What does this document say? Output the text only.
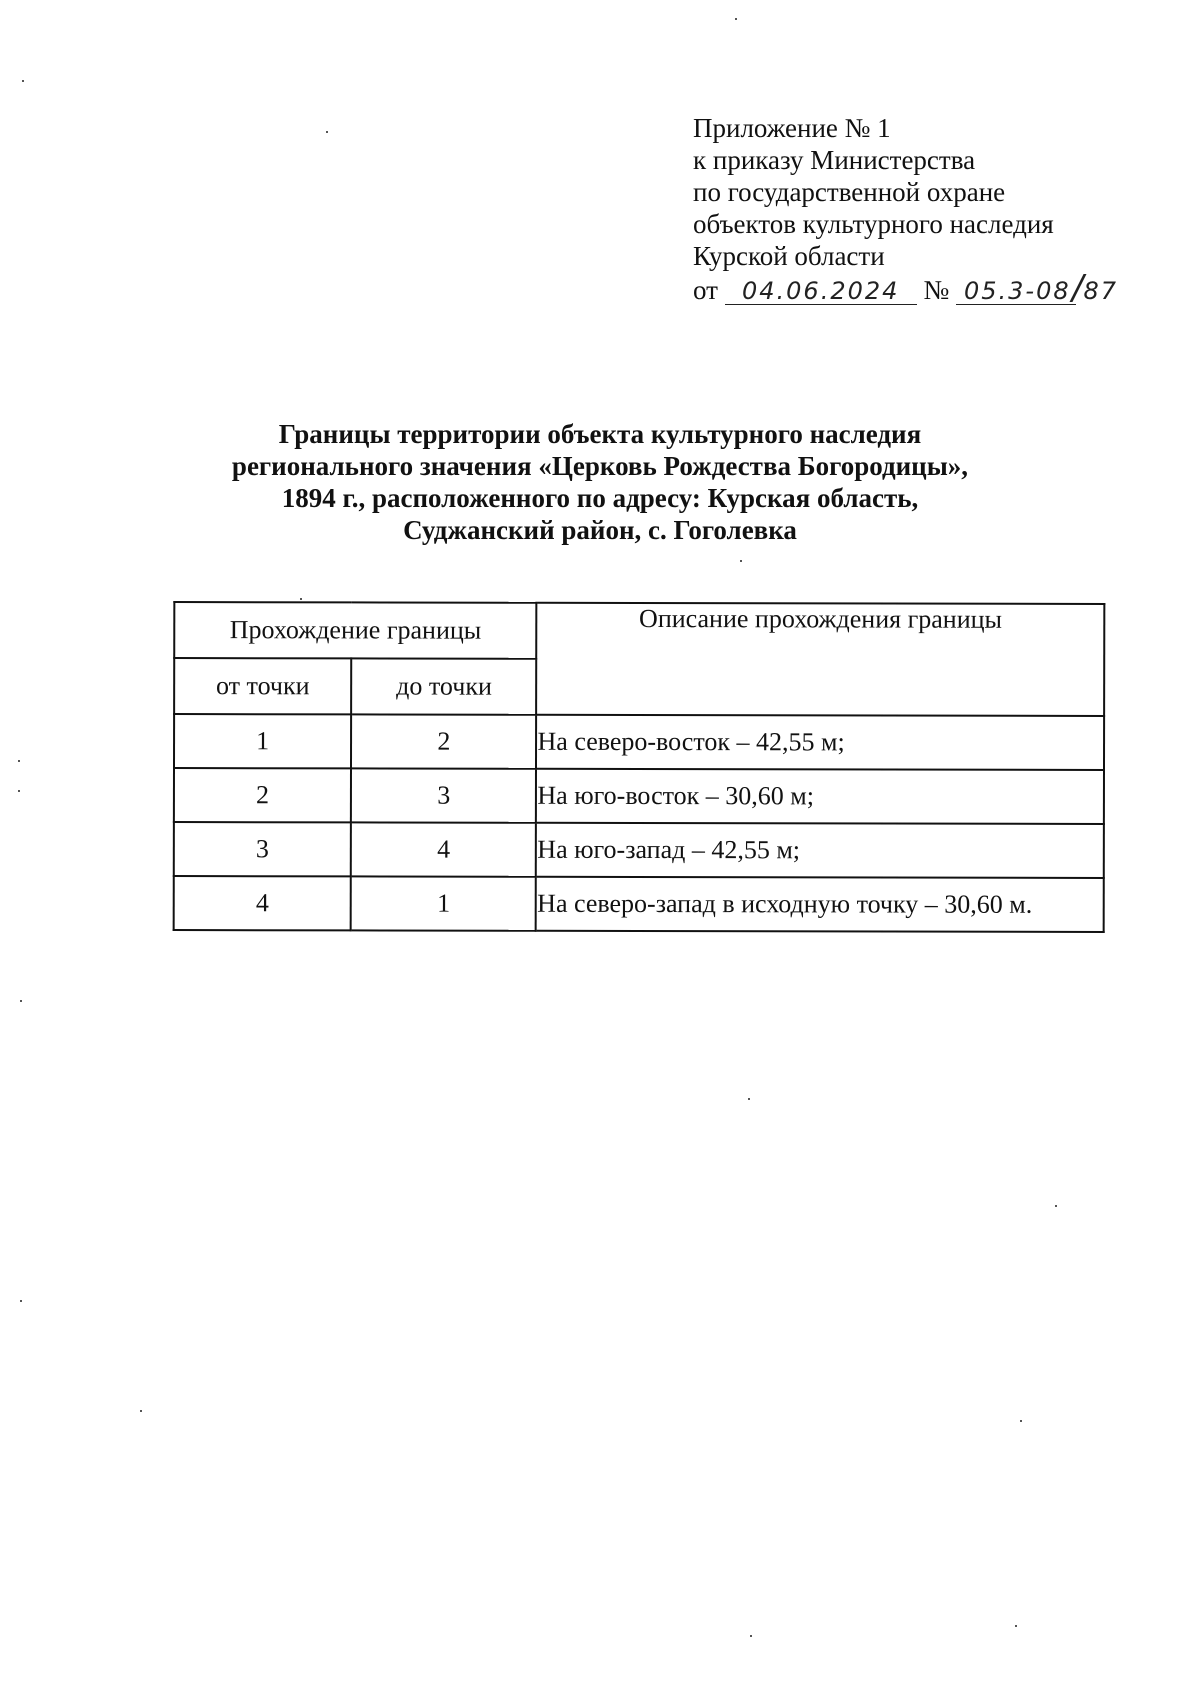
Приложение № 1
к приказу Министерства
по государственной охране
объектов культурного наследия
Курской области
от 04.06.2024 № 05.3-08/87
Границы территории объекта культурного наследия
регионального значения «Церковь Рождества Богородицы»,
1894 г., расположенного по адресу: Курская область,
Суджанский район, с. Гоголевка
Прохождение границы		Описание прохождения границы
от точки	до точки	
1	2	На северо-восток – 42,55 м;
2	3	На юго-восток – 30,60 м;
3	4	На юго-запад – 42,55 м;
4	1	На северо-запад в исходную точку – 30,60 м.
